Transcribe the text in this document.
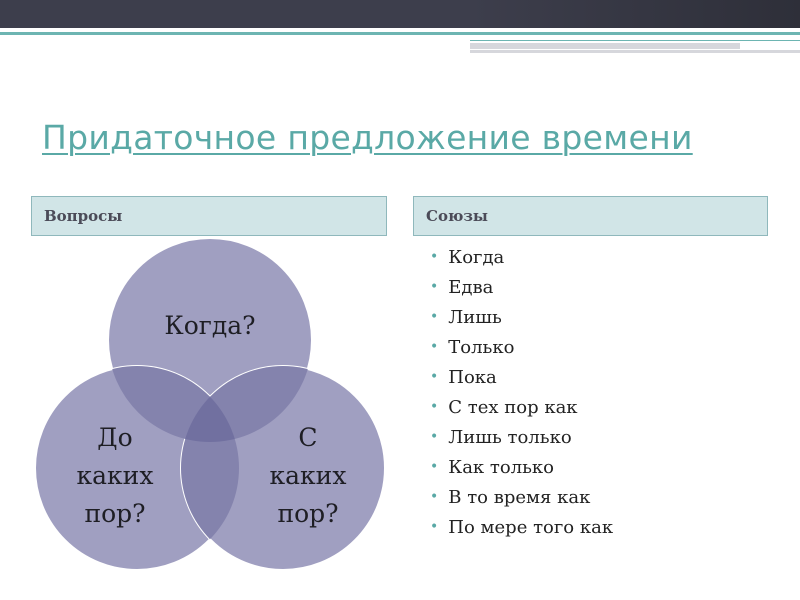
Придаточное предложение времени
Вопросы	Союзы
Когда?
До
каких
пор?
С
каких
пор?
• Когда
• Едва
• Лишь
• Только
• Пока
• С тех пор как
• Лишь только
• Как только
• В то время как
• По мере того как
